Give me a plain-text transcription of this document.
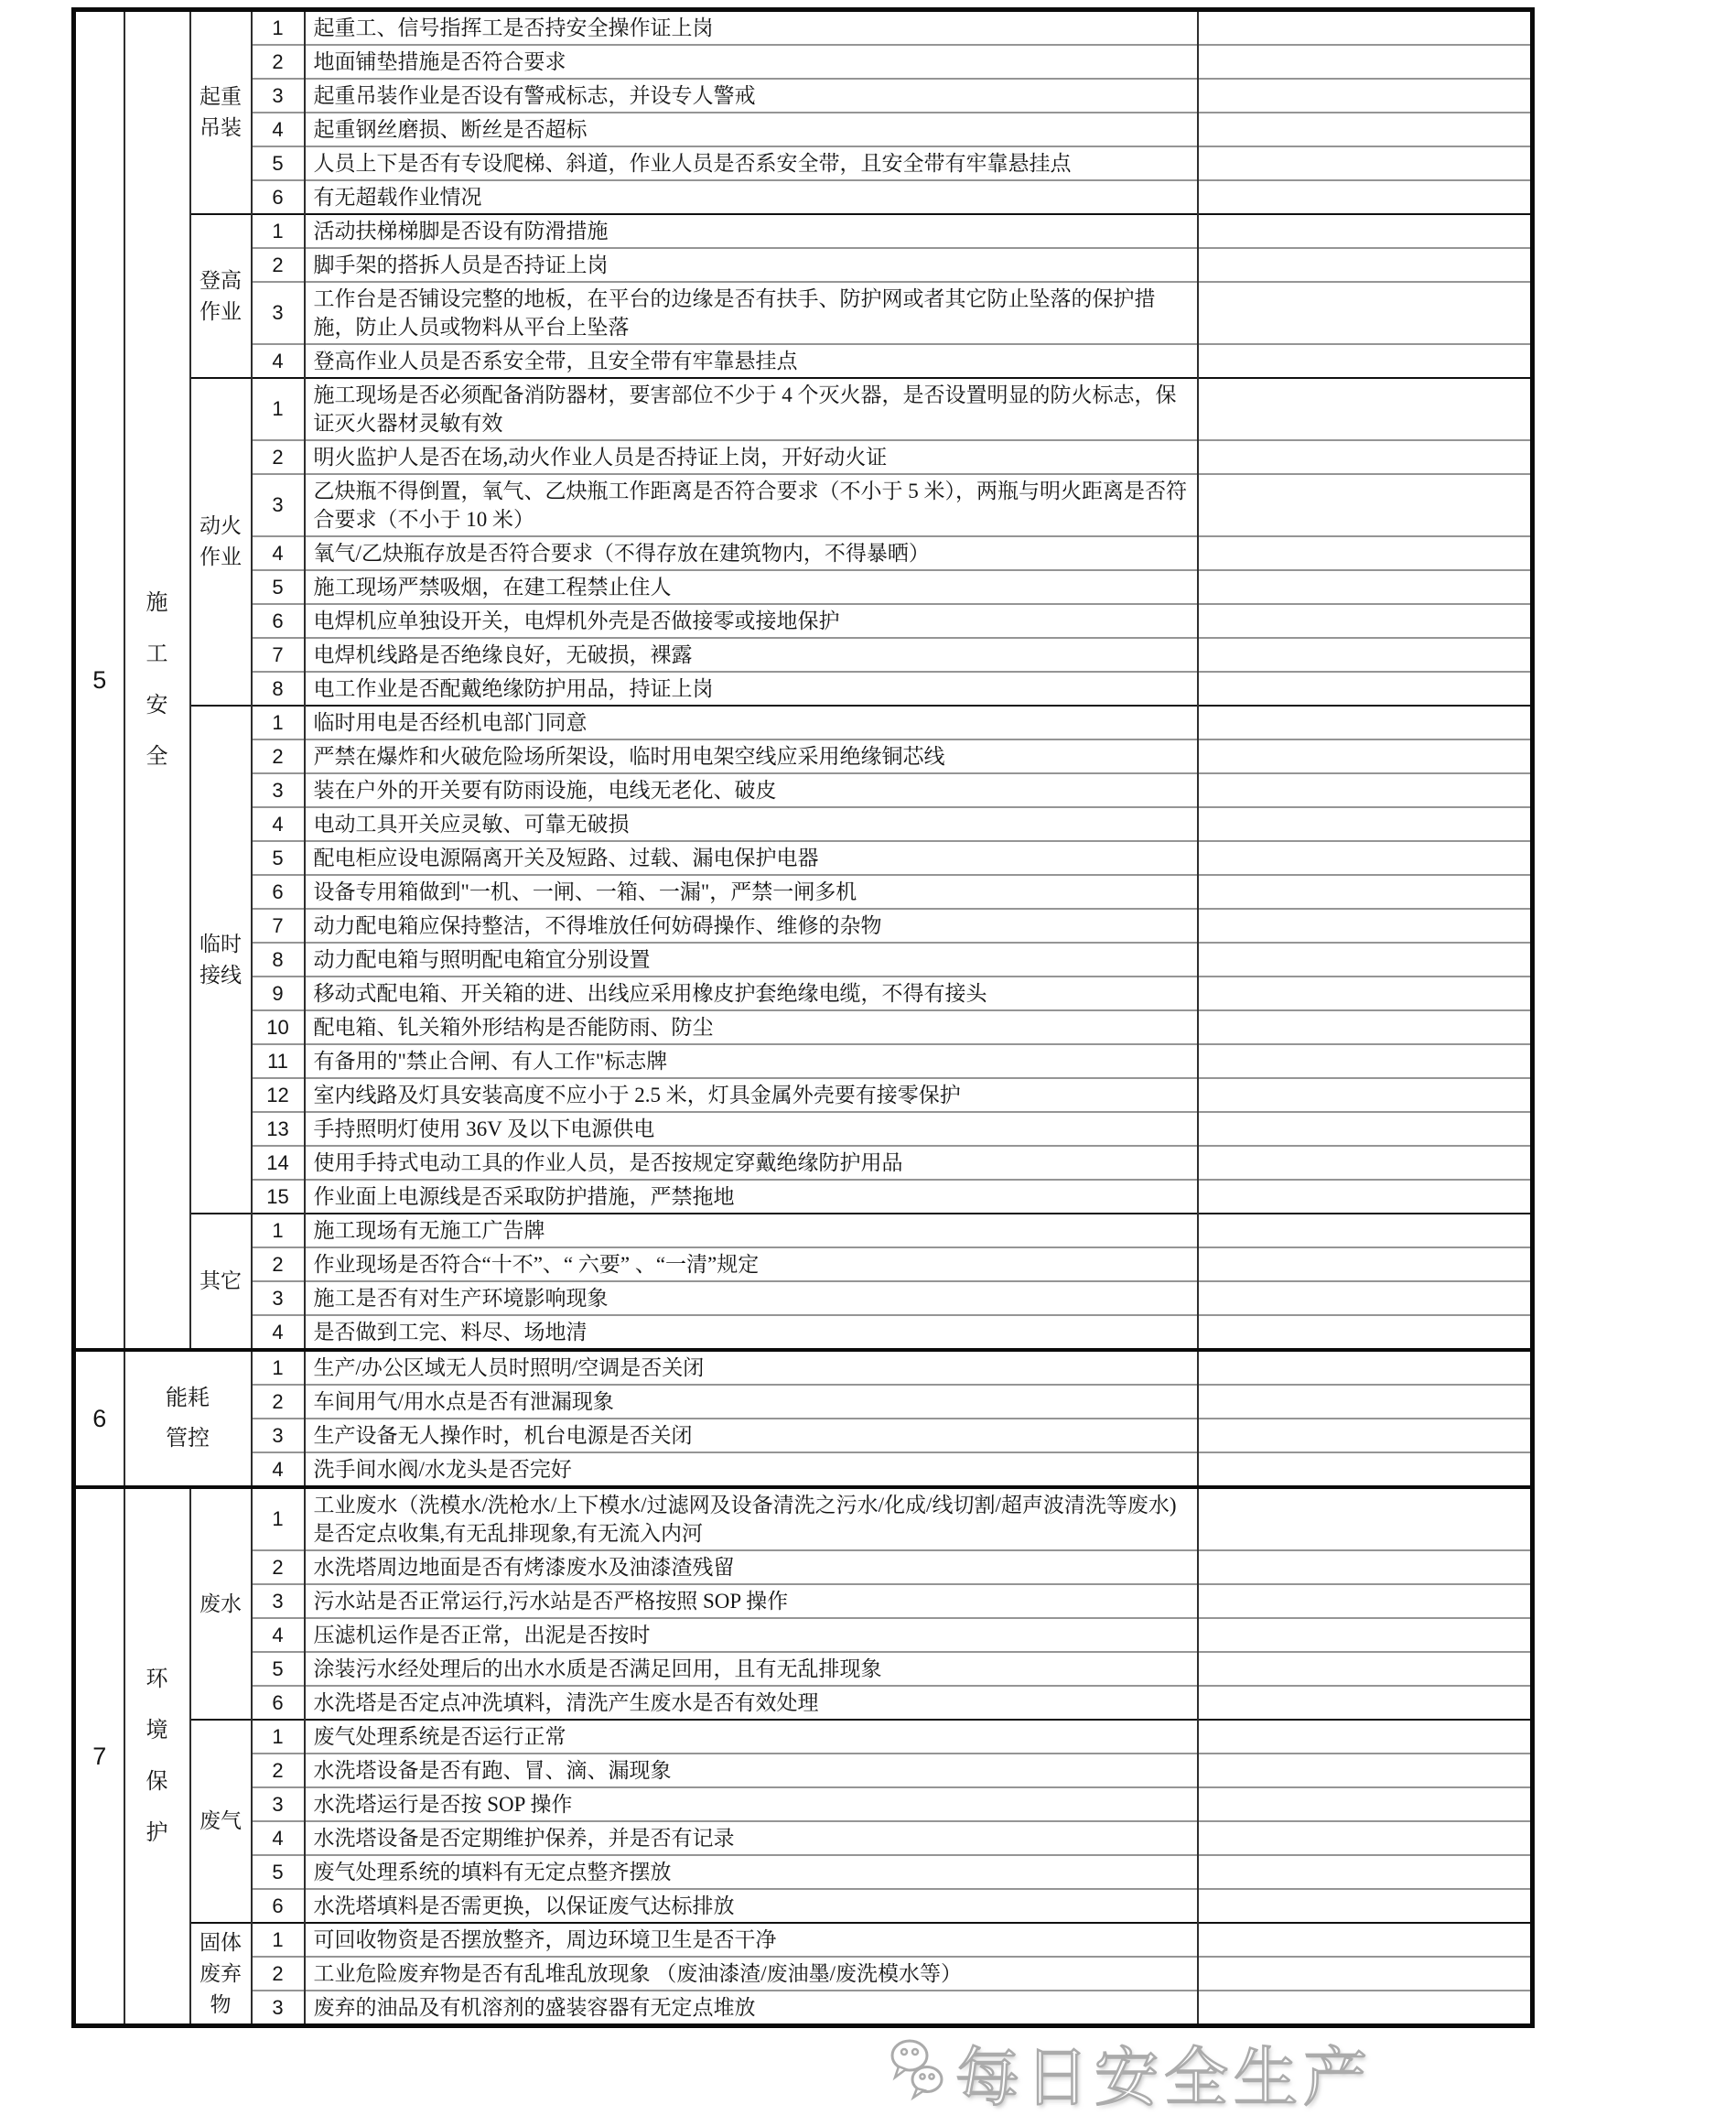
5	施工安全	起重吊装	1	起重工、信号指挥工是否持安全操作证上岗	
			2	地面铺垫措施是否符合要求	
			3	起重吊装作业是否设有警戒标志，并设专人警戒	
			4	起重钢丝磨损、断丝是否超标	
			5	人员上下是否有专设爬梯、斜道，作业人员是否系安全带，且安全带有牢靠悬挂点	
			6	有无超载作业情况	
		登高作业	1	活动扶梯梯脚是否设有防滑措施	
			2	脚手架的搭拆人员是否持证上岗	
			3	工作台是否铺设完整的地板，在平台的边缘是否有扶手、防护网或者其它防止坠落的保护措施，防止人员或物料从平台上坠落	
			4	登高作业人员是否系安全带，且安全带有牢靠悬挂点	
		动火作业	1	施工现场是否必须配备消防器材，要害部位不少于 4 个灭火器，是否设置明显的防火标志，保证灭火器材灵敏有效	
			2	明火监护人是否在场,动火作业人员是否持证上岗，开好动火证	
			3	乙炔瓶不得倒置，氧气、乙炔瓶工作距离是否符合要求（不小于 5 米），两瓶与明火距离是否符合要求（不小于 10 米）	
			4	氧气/乙炔瓶存放是否符合要求（不得存放在建筑物内，不得暴晒）	
			5	施工现场严禁吸烟，在建工程禁止住人	
			6	电焊机应单独设开关，电焊机外壳是否做接零或接地保护	
			7	电焊机线路是否绝缘良好，无破损，裸露	
			8	电工作业是否配戴绝缘防护用品，持证上岗	
		临时接线	1	临时用电是否经机电部门同意	
			2	严禁在爆炸和火破危险场所架设，临时用电架空线应采用绝缘铜芯线	
			3	装在户外的开关要有防雨设施，电线无老化、破皮	
			4	电动工具开关应灵敏、可靠无破损	
			5	配电柜应设电源隔离开关及短路、过载、漏电保护电器	
			6	设备专用箱做到"一机、一闸、一箱、一漏"，严禁一闸多机	
			7	动力配电箱应保持整洁，不得堆放任何妨碍操作、维修的杂物	
			8	动力配电箱与照明配电箱宜分别设置	
			9	移动式配电箱、开关箱的进、出线应采用橡皮护套绝缘电缆，不得有接头	
			10	配电箱、钆关箱外形结构是否能防雨、防尘	
			11	有备用的"禁止合闸、有人工作"标志牌	
			12	室内线路及灯具安装高度不应小于 2.5 米，灯具金属外壳要有接零保护	
			13	手持照明灯使用 36V 及以下电源供电	
			14	使用手持式电动工具的作业人员，是否按规定穿戴绝缘防护用品	
			15	作业面上电源线是否采取防护措施，严禁拖地	
		其它	1	施工现场有无施工广告牌	
			2	作业现场是否符合“十不”、“ 六要” 、“一清”规定	
			3	施工是否有对生产环境影响现象	
			4	是否做到工完、料尽、场地清	
6	能耗管控		1	生产/办公区域无人员时照明/空调是否关闭	
			2	车间用气/用水点是否有泄漏现象	
			3	生产设备无人操作时，机台电源是否关闭	
			4	洗手间水阀/水龙头是否完好	
7	环境保护	废水	1	工业废水（洗模水/洗枪水/上下模水/过滤网及设备清洗之污水/化成/线切割/超声波清洗等废水)是否定点收集,有无乱排现象,有无流入内河	
			2	水洗塔周边地面是否有烤漆废水及油漆渣残留	
			3	污水站是否正常运行,污水站是否严格按照 SOP 操作	
			4	压滤机运作是否正常，出泥是否按时	
			5	涂装污水经处理后的出水水质是否满足回用，且有无乱排现象	
			6	水洗塔是否定点冲洗填料，清洗产生废水是否有效处理	
		废气	1	废气处理系统是否运行正常	
			2	水洗塔设备是否有跑、冒、滴、漏现象	
			3	水洗塔运行是否按 SOP 操作	
			4	水洗塔设备是否定期维护保养，并是否有记录	
			5	废气处理系统的填料有无定点整齐摆放	
			6	水洗塔填料是否需更换，以保证废气达标排放	
		固体废弃物	1	可回收物资是否摆放整齐，周边环境卫生是否干净	
			2	工业危险废弃物是否有乱堆乱放现象 （废油漆渣/废油墨/废洗模水等）	
			3	废弃的油品及有机溶剂的盛装容器有无定点堆放	
每日安全生产
